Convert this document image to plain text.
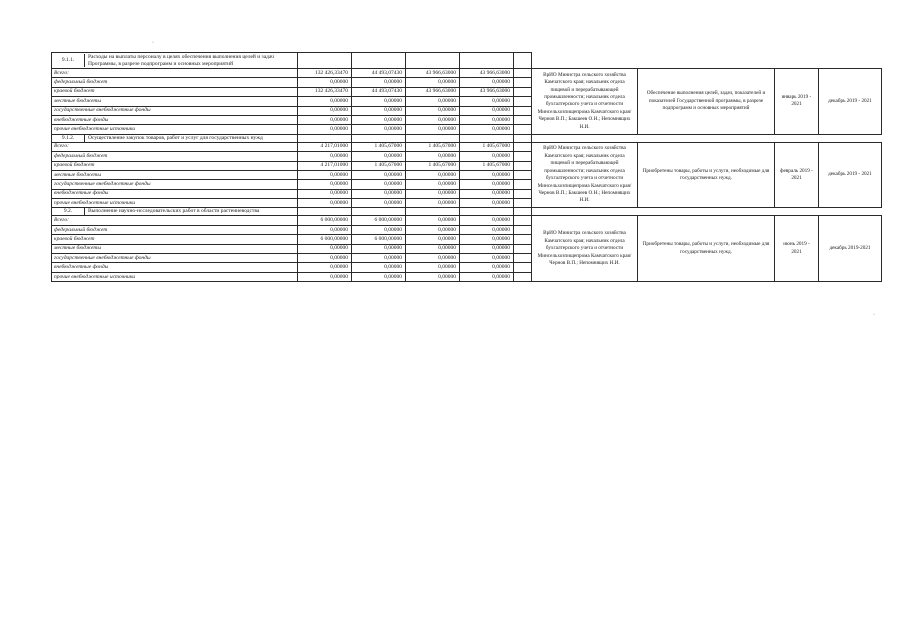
·
·
9.1.1. Расходы на выплаты персоналу в целях обеспечения выполнения целей и задач Программы, в разрезе подпрограмм и основных мероприятий									

Всего:	132 426,33470	44 493,07430	43 966,63000	43 966,63000		ВрИО Министра сельского хозяйства Камчатского края; начальник отдела пищевой и перерабатывающей промышленности; начальник отдела бухгалтерского учета и отчетности Минсельхозпищепрома Камчатского края/Чернов В.П.; Бакшеев О.Н.; Непомнящих Н.И.	Обеспечение выполнения целей, задач, показателей и показателей Государственной программы, в разрезе подпрограмм и основных мероприятий	январь 2019 - 2021	декабрь 2019 - 2021
федеральный бюджет	0,00000	0,00000	0,00000	0,00000					
краевой бюджет	132 426,33470	44 493,07430	43 966,63000	43 966,63000					
местные бюджеты	0,00000	0,00000	0,00000	0,00000					
государственные внебюджетные фонды	0,00000	0,00000	0,00000	0,00000					
внебюджетные фонды	0,00000	0,00000	0,00000	0,00000					
прочие внебюджетные источники	0,00000	0,00000	0,00000	0,00000					

9.1.2. Осуществление закупок товаров, работ и услуг для государственных нужд									

Всего:	4 217,01000	1 405,67000	1 405,67000	1 405,67000		ВрИО Министра сельского хозяйства Камчатского края; начальник отдела пищевой и перерабатывающей промышленности; начальник отдела бухгалтерского учета и отчетности Минсельхозпищепрома Камчатского края/Чернов В.П.; Бакшеев О.Н.; Непомнящих Н.И.	Приобретены товары, работы и услуги, необходимые для государственных нужд.	февраль 2019 - 2021	декабрь 2019 - 2021
федеральный бюджет	0,00000	0,00000	0,00000	0,00000					
краевой бюджет	4 217,01000	1 405,67000	1 405,67000	1 405,67000					
местные бюджеты	0,00000	0,00000	0,00000	0,00000					
государственные внебюджетные фонды	0,00000	0,00000	0,00000	0,00000					
внебюджетные фонды	0,00000	0,00000	0,00000	0,00000					
прочие внебюджетные источники	0,00000	0,00000	0,00000	0,00000					

9.2. Выполнение научно-исследовательских работ в области растениеводства									

Всего:	6 000,00000	6 000,00000	0,00000	0,00000		ВрИО Министра сельского хозяйства Камчатского края; начальник отдела бухгалтерского учета и отчетности Минсельхозпищепрома Камчатского края/Чернов В.П.; Непомнящих Н.И.	Приобретены товары, работы и услуги, необходимые для государственных нужд.	июнь 2019 - 2021	декабрь 2019-2021
федеральный бюджет	0,00000	0,00000	0,00000	0,00000					
краевой бюджет	6 000,00000	6 000,00000	0,00000	0,00000					
местные бюджеты	0,00000	0,00000	0,00000	0,00000					
государственные внебюджетные фонды	0,00000	0,00000	0,00000	0,00000					
внебюджетные фонды	0,00000	0,00000	0,00000	0,00000					
прочие внебюджетные источники	0,00000	0,00000	0,00000	0,00000					
